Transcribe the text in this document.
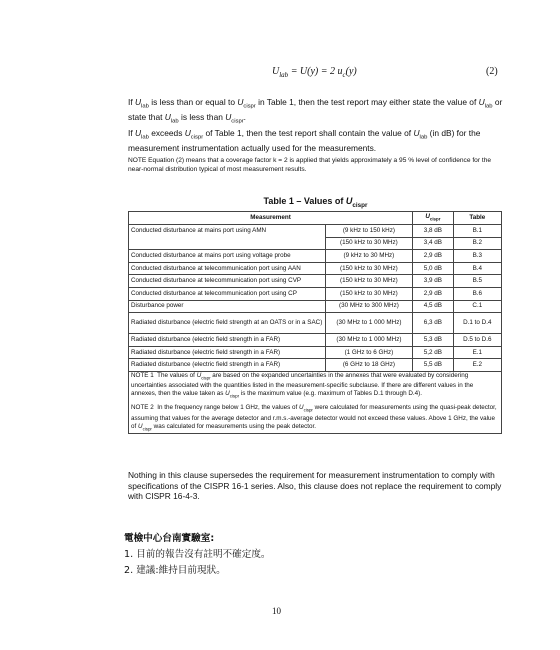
$U_{lab} = U(y) = 2$ $u_c(y)$	(2)
If $U_{lab}$ is less than or equal to $U_{cispr}$ in Table 1, then the test report may either state the value of $U_{lab}$ or state that $U_{lab}$ is less than $U_{cispr}$.
If $U_{lab}$ exceeds $U_{cispr}$ of Table 1, then the test report shall contain the value of $U_{lab}$ (in dB) for the measurement instrumentation actually used for the measurements.
NOTE Equation (2) means that a coverage factor k = 2 is applied that yields approximately a 95 % level of confidence for the near-normal distribution typical of most measurement results.
Table 1 – Values of $U_{cispr}$
Measurement		$U_{cispr}$	Table
Conducted disturbance at mains port using AMN	(9 kHz to 150 kHz)	3,8 dB	B.1
	(150 kHz to 30 MHz)	3,4 dB	B.2
Conducted disturbance at mains port using voltage probe	(9 kHz to 30 MHz)	2,9 dB	B.3
Conducted disturbance at telecommunication port using AAN	(150 kHz to 30 MHz)	5,0 dB	B.4
Conducted disturbance at telecommunication port using CVP	(150 kHz to 30 MHz)	3,9 dB	B.5
Conducted disturbance at telecommunication port using CP	(150 kHz to 30 MHz)	2,9 dB	B.6
Disturbance power	(30 MHz to 300 MHz)	4,5 dB	C.1
Radiated disturbance (electric field strength at an OATS or in a SAC)	(30 MHz to 1 000 MHz)	6,3 dB	D.1 to D.4
Radiated disturbance (electric field strength in a FAR)	(30 MHz to 1 000 MHz)	5,3 dB	D.5 to D.6
Radiated disturbance (electric field strength in a FAR)	(1 GHz to 6 GHz)	5,2 dB	E.1
Radiated disturbance (electric field strength in a FAR)	(6 GHz to 18 GHz)	5,5 dB	E.2

NOTE 1  The values of $U_{cispr}$ are based on the expanded uncertainties in the annexes that were evaluated by considering uncertainties associated with the quantities listed in the measurement-specific subclause. If there are different values in the annexes, then the value taken as $U_{cispr}$ is the maximum value (e.g. maximum of Tables D.1 through D.4).
NOTE 2  In the frequency range below 1 GHz, the values of $U_{cispr}$ were calculated for measurements using the quasi-peak detector, assuming that values for the average detector and r.m.s.-average detector would not exceed these values. Above 1 GHz, the value of $U_{cispr}$ was calculated for measurements using the peak detector.			
Nothing in this clause supersedes the requirement for measurement instrumentation to comply with specifications of the CISPR 16-1 series. Also, this clause does not replace the requirement to comply with CISPR 16-4-3.
電檢中心台南實驗室:
1. 目前的報告沒有註明不確定度。
2. 建議:維持目前現狀。
10
